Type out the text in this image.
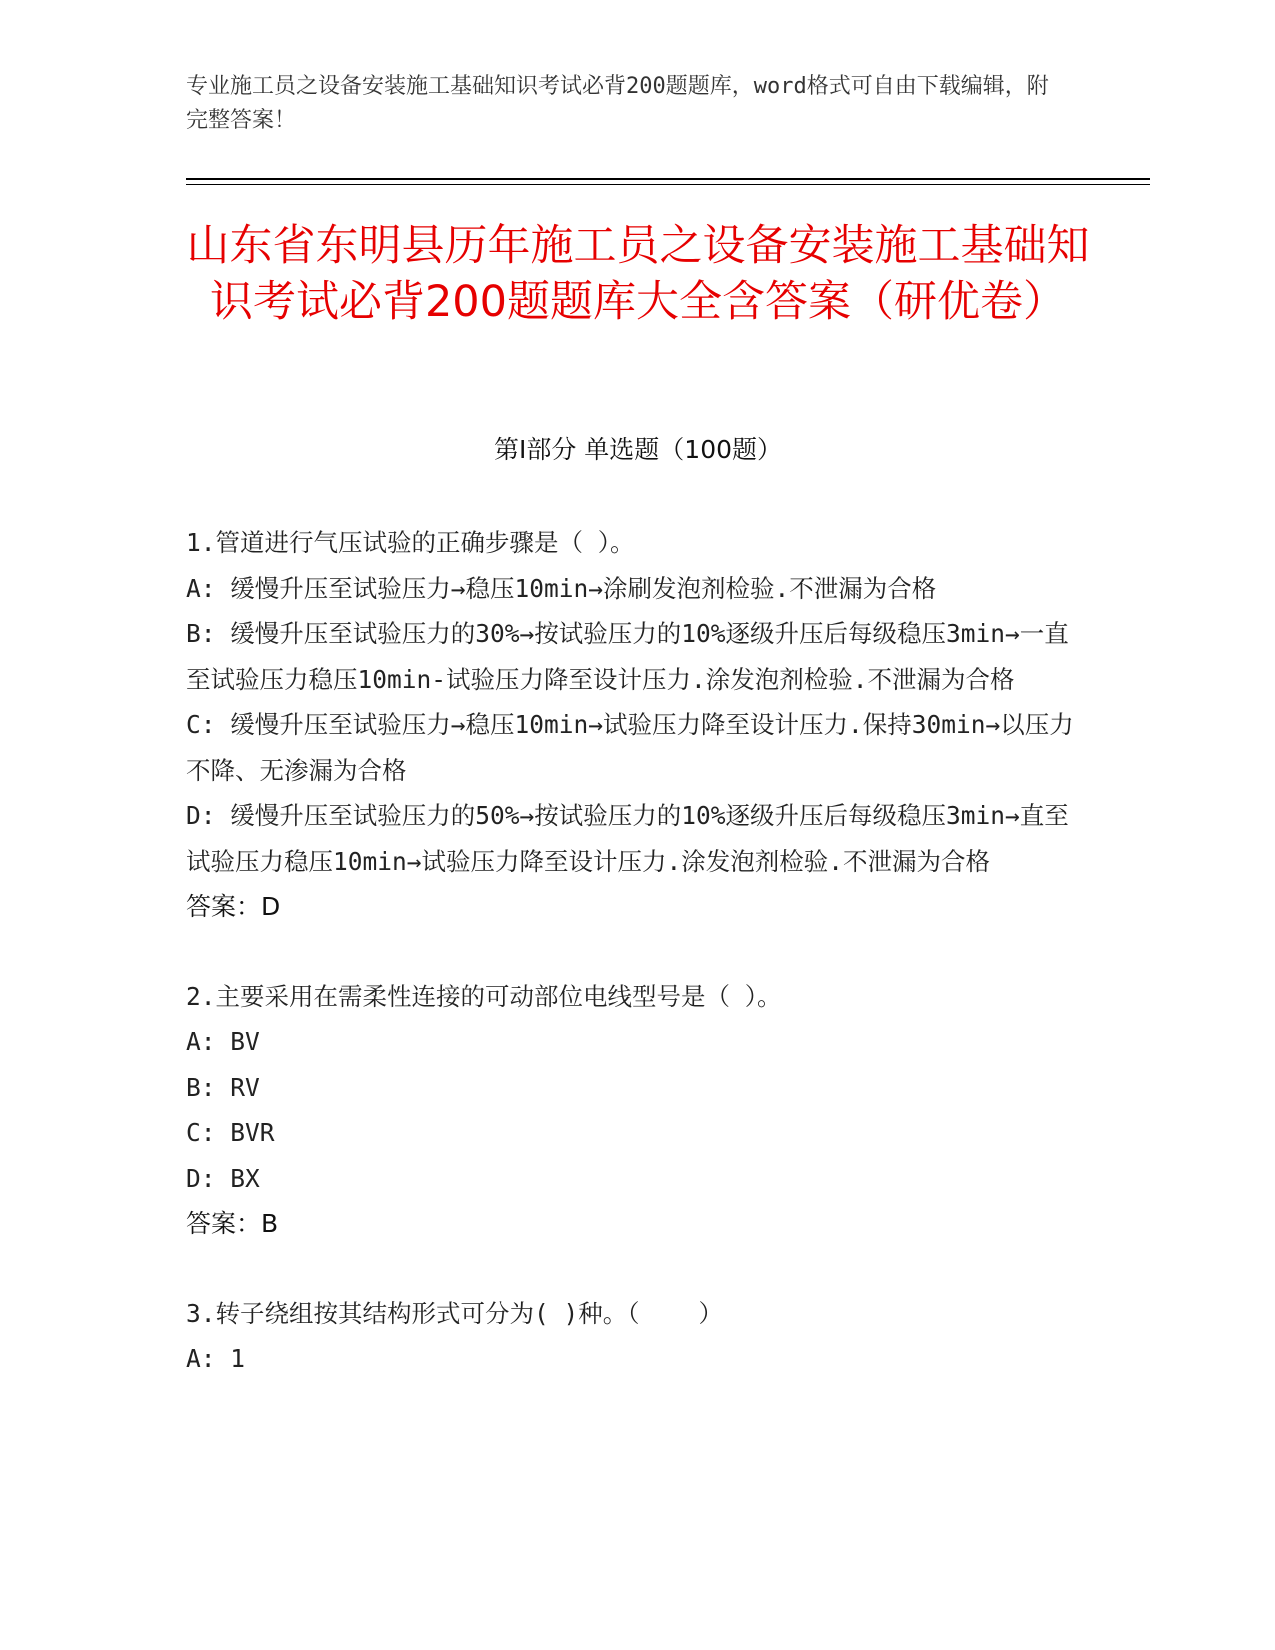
专业施工员之设备安装施工基础知识考试必背200题题库，word格式可自由下载编辑，附完整答案！
山东省东明县历年施工员之设备安装施工基础知识考试必背200题题库大全含答案（研优卷）
第I部分 单选题（100题）
1.管道进行气压试验的正确步骤是（ ）。
A: 缓慢升压至试验压力→稳压10min→涂刷发泡剂检验.不泄漏为合格
B: 缓慢升压至试验压力的30%→按试验压力的10%逐级升压后每级稳压3min→一直至试验压力稳压10min-试验压力降至设计压力.涂发泡剂检验.不泄漏为合格
C: 缓慢升压至试验压力→稳压10min→试验压力降至设计压力.保持30min→以压力不降、无渗漏为合格
D: 缓慢升压至试验压力的50%→按试验压力的10%逐级升压后每级稳压3min→直至试验压力稳压10min→试验压力降至设计压力.涂发泡剂检验.不泄漏为合格
答案：D
2.主要采用在需柔性连接的可动部位电线型号是（ ）。
A: BV
B: RV
C: BVR
D: BX
答案：B
3.转子绕组按其结构形式可分为( )种。（    ）
A: 1
